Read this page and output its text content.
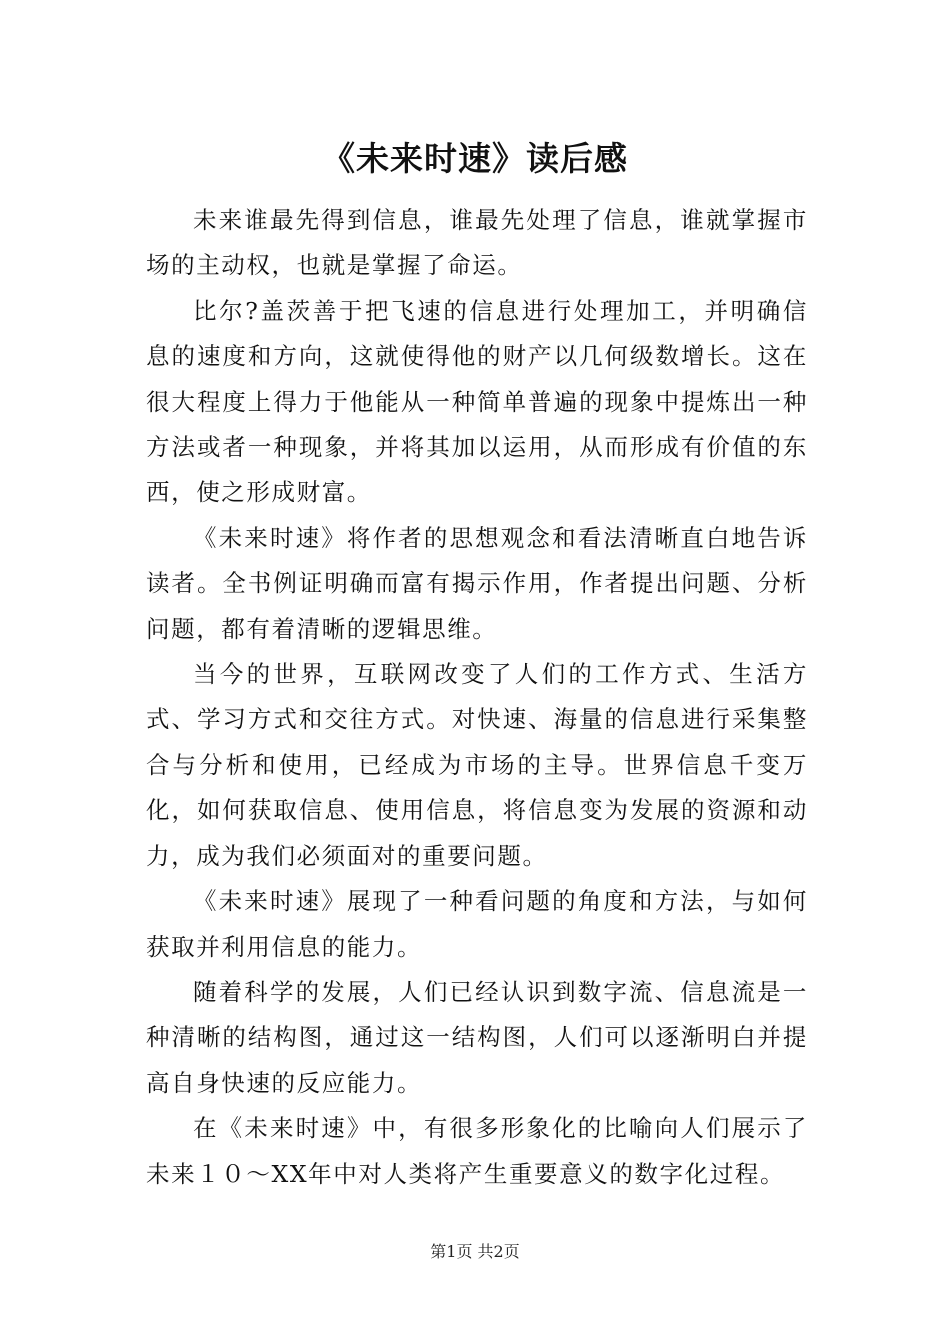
《未来时速》读后感

未来谁最先得到信息，谁最先处理了信息，谁就掌握市场的主动权，也就是掌握了命运。

比尔?盖茨善于把飞速的信息进行处理加工，并明确信息的速度和方向，这就使得他的财产以几何级数增长。这在很大程度上得力于他能从一种简单普遍的现象中提炼出一种方法或者一种现象，并将其加以运用，从而形成有价值的东西，使之形成财富。

《未来时速》将作者的思想观念和看法清晰直白地告诉读者。全书例证明确而富有揭示作用，作者提出问题、分析问题，都有着清晰的逻辑思维。

当今的世界，互联网改变了人们的工作方式、生活方式、学习方式和交往方式。对快速、海量的信息进行采集整合与分析和使用，已经成为市场的主导。世界信息千变万化，如何获取信息、使用信息，将信息变为发展的资源和动力，成为我们必须面对的重要问题。

《未来时速》展现了一种看问题的角度和方法，与如何获取并利用信息的能力。

随着科学的发展，人们已经认识到数字流、信息流是一种清晰的结构图，通过这一结构图，人们可以逐渐明白并提高自身快速的反应能力。

在《未来时速》中，有很多形象化的比喻向人们展示了未来１０～XX年中对人类将产生重要意义的数字化过程。

第1页 共2页
